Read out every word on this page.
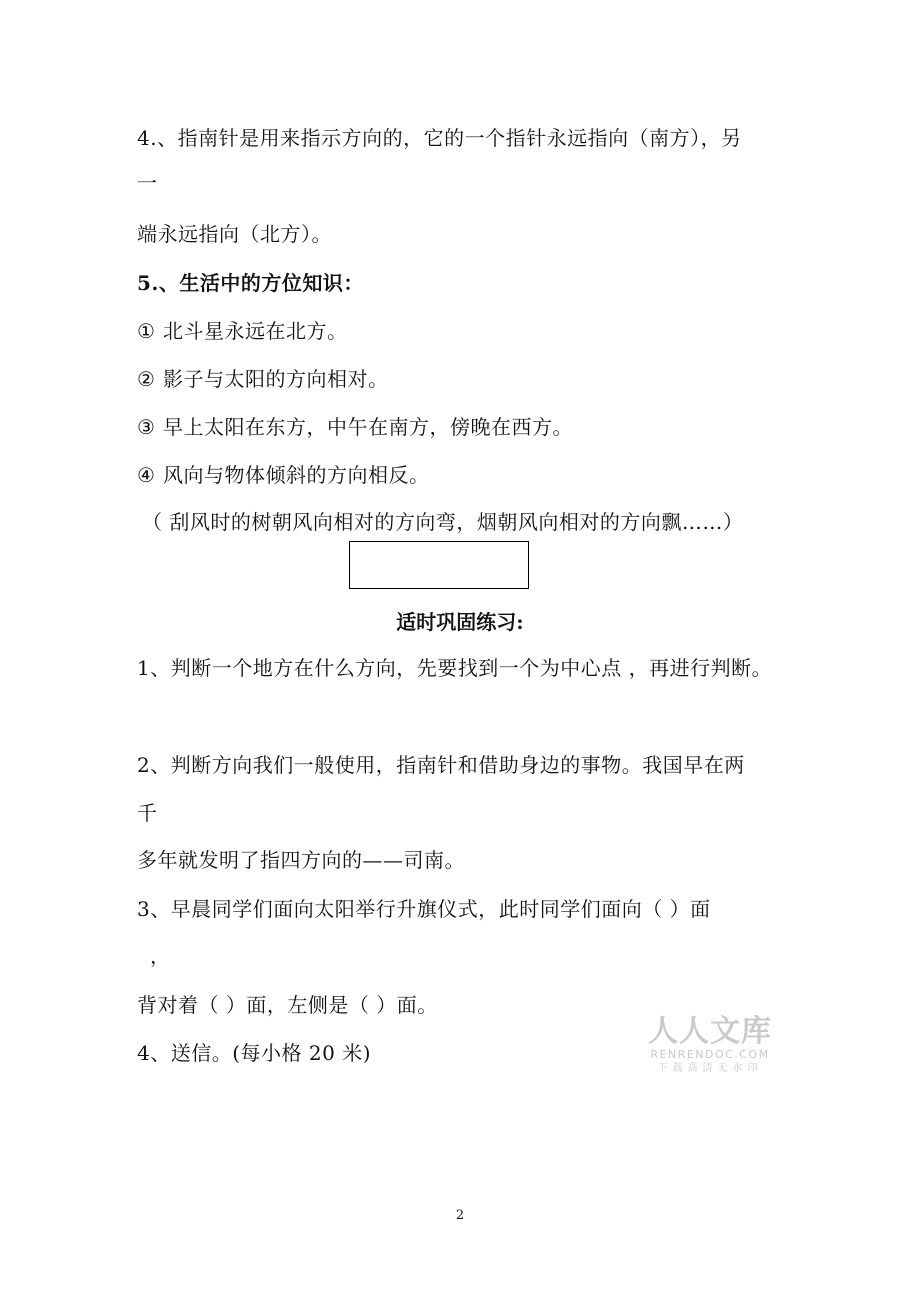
4.、指南针是用来指示方向的，它的一个指针永远指向（南方），另
一
端永远指向（北方）。
5.、生活中的方位知识：
① 北斗星永远在北方。
② 影子与太阳的方向相对。
③ 早上太阳在东方，中午在南方，傍晚在西方。
④ 风向与物体倾斜的方向相反。
（ 刮风时的树朝风向相对的方向弯，烟朝风向相对的方向飘……）
适时巩固练习:
1、判断一个地方在什么方向，先要找到一个为中心点 ，再进行判断。
2、判断方向我们一般使用，指南针和借助身边的事物。我国早在两
千
多年就发明了指四方向的——司南。
3、早晨同学们面向太阳举行升旗仪式，此时同学们面向（ ）面
，
背对着（ ）面，左侧是（ ）面。
4、送信。(每小格 20 米)
人人文库
RENRENDOC.COM
下载高清无水印
2
